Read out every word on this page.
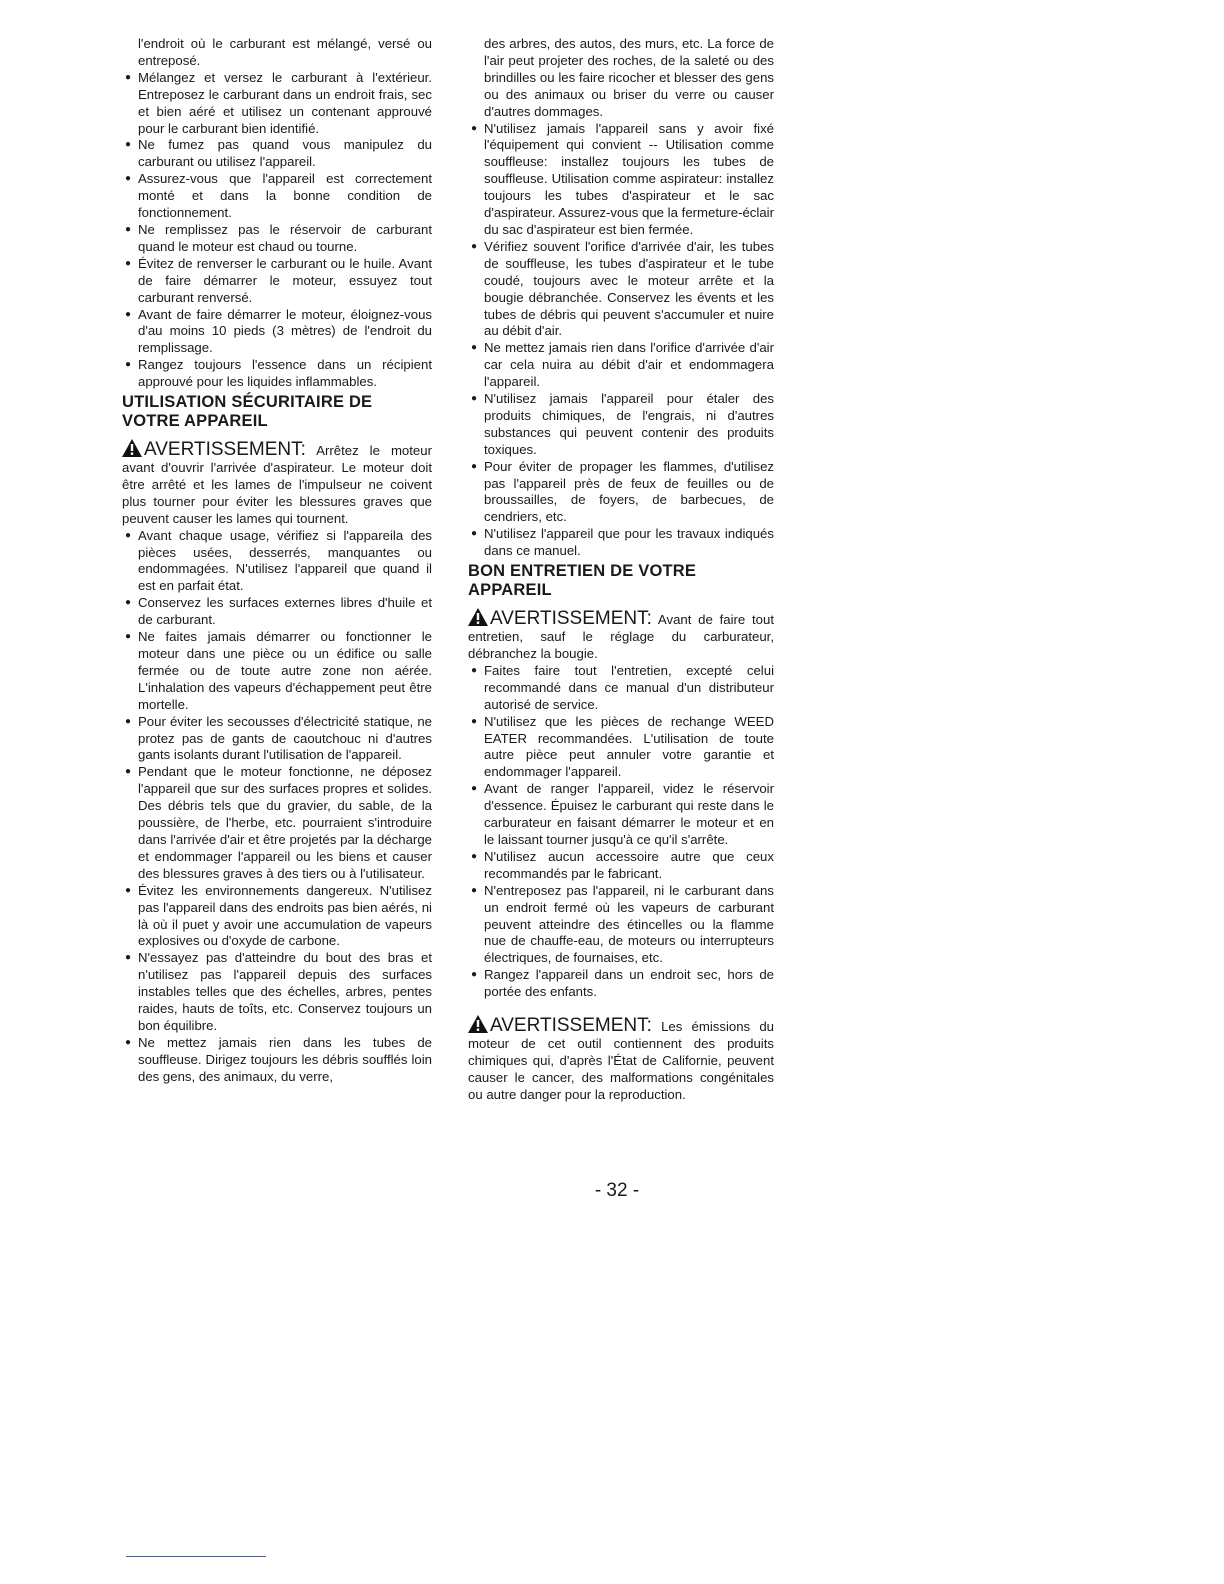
l'endroit où le carburant est mélangé, versé ou entreposé.

● Mélangez et versez le carburant à l'extérieur. Entreposez le carburant dans un endroit frais, sec et bien aéré et utilisez un contenant approuvé pour le carburant bien identifié.
● Ne fumez pas quand vous manipulez du carburant ou utilisez l'appareil.
● Assurez-vous que l'appareil est correctement monté et dans la bonne condition de fonctionnement.
● Ne remplissez pas le réservoir de carburant quand le moteur est chaud ou tourne.
● Évitez de renverser le carburant ou le huile. Avant de faire démarrer le moteur, essuyez tout carburant renversé.
● Avant de faire démarrer le moteur, éloignez-vous d'au moins 10 pieds (3 mètres) de l'endroit du remplissage.
● Rangez toujours l'essence dans un récipient approuvé pour les liquides inflammables.
UTILISATION SÉCURITAIRE DE VOTRE APPAREIL

AVERTISSEMENT: Arrêtez le moteur avant d'ouvrir l'arrivée d'aspirateur. Le moteur doit être arrêté et les lames de l'impulseur ne coivent plus tourner pour éviter les blessures graves que peuvent causer les lames qui tournent.

● Avant chaque usage, vérifiez si l'appareila des pièces usées, desserrés, manquantes ou endommagées. N'utilisez l'appareil que quand il est en parfait état.
● Conservez les surfaces externes libres d'huile et de carburant.
● Ne faites jamais démarrer ou fonctionner le moteur dans une pièce ou un édifice ou salle fermée ou de toute autre zone non aérée. L'inhalation des vapeurs d'échappement peut être mortelle.
● Pour éviter les secousses d'électricité statique, ne protez pas de gants de caoutchouc ni d'autres gants isolants durant l'utilisation de l'appareil.
● Pendant que le moteur fonctionne, ne déposez l'appareil que sur des surfaces propres et solides. Des débris tels que du gravier, du sable, de la poussière, de l'herbe, etc. pourraient s'introduire dans l'arrivée d'air et être projetés par la décharge et endommager l'appareil ou les biens et causer des blessures graves à des tiers ou à l'utilisateur.
● Évitez les environnements dangereux. N'utilisez pas l'appareil dans des endroits pas bien aérés, ni là où il puet y avoir une accumulation de vapeurs explosives ou d'oxyde de carbone.
● N'essayez pas d'atteindre du bout des bras et n'utilisez pas l'appareil depuis des surfaces instables telles que des échelles, arbres, pentes raides, hauts de toîts, etc. Conservez toujours un bon équilibre.
● Ne mettez jamais rien dans les tubes de souffleuse. Dirigez toujours les débris soufflés loin des gens, des animaux, du verre,

des arbres, des autos, des murs, etc. La force de l'air peut projeter des roches, de la saleté ou des brindilles ou les faire ricocher et blesser des gens ou des animaux ou briser du verre ou causer d'autres dommages.

● N'utilisez jamais l'appareil sans y avoir fixé l'équipement qui convient -- Utilisation comme souffleuse: installez toujours les tubes de souffleuse. Utilisation comme aspirateur: installez toujours les tubes d'aspirateur et le sac d'aspirateur. Assurez-vous que la fermeture-éclair du sac d'aspirateur est bien fermée.
● Vérifiez souvent l'orifice d'arrivée d'air, les tubes de souffleuse, les tubes d'aspirateur et le tube coudé, toujours avec le moteur arrête et la bougie débranchée. Conservez les évents et les tubes de débris qui peuvent s'accumuler et nuire au débit d'air.
● Ne mettez jamais rien dans l'orifice d'arrivée d'air car cela nuira au débit d'air et endommagera l'appareil.
● N'utilisez jamais l'appareil pour étaler des produits chimiques, de l'engrais, ni d'autres substances qui peuvent contenir des produits toxiques.
● Pour éviter de propager les flammes, d'utilisez pas l'appareil près de feux de feuilles ou de broussailles, de foyers, de barbecues, de cendriers, etc.
● N'utilisez l'appareil que pour les travaux indiqués dans ce manuel.
BON ENTRETIEN DE VOTRE APPAREIL

AVERTISSEMENT: Avant de faire tout entretien, sauf le réglage du carburateur, débranchez la bougie.

● Faites faire tout l'entretien, excepté celui recommandé dans ce manual d'un distributeur autorisé de service.
● N'utilisez que les pièces de rechange WEED EATER recommandées. L'utilisation de toute autre pièce peut annuler votre garantie et endommager l'appareil.
● Avant de ranger l'appareil, videz le réservoir d'essence. Épuisez le carburant qui reste dans le carburateur en faisant démarrer le moteur et en le laissant tourner jusqu'à ce qu'il s'arrête.
● N'utilisez aucun accessoire autre que ceux recommandés par le fabricant.
● N'entreposez pas l'appareil, ni le carburant dans un endroit fermé où les vapeurs de carburant peuvent atteindre des étincelles ou la flamme nue de chauffe-eau, de moteurs ou interrupteurs électriques, de fournaises, etc.
● Rangez l'appareil dans un endroit sec, hors de portée des enfants.

AVERTISSEMENT: Les émissions du moteur de cet outil contiennent des produits chimiques qui, d'après l'État de Californie, peuvent causer le cancer, des malformations congénitales ou autre danger pour la reproduction.

- 32 -
